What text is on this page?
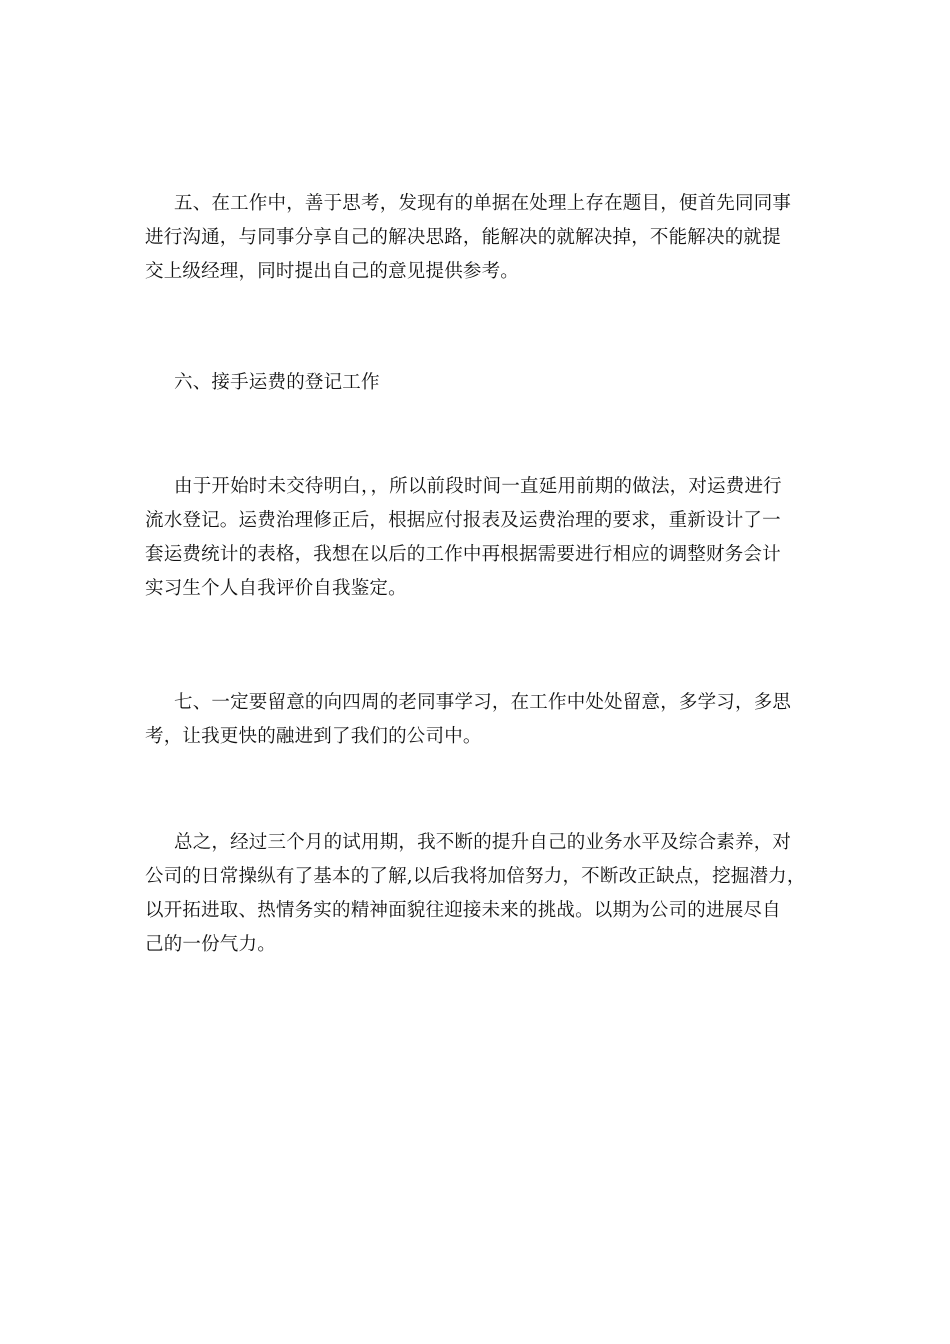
五、在工作中，善于思考，发现有的单据在处理上存在题目，便首先同同事
进行沟通，与同事分享自己的解决思路，能解决的就解决掉，不能解决的就提
交上级经理，同时提出自己的意见提供参考。
六、接手运费的登记工作
由于开始时未交待明白，，所以前段时间一直延用前期的做法，对运费进行
流水登记。运费治理修正后，根据应付报表及运费治理的要求，重新设计了一
套运费统计的表格，我想在以后的工作中再根据需要进行相应的调整财务会计
实习生个人自我评价自我鉴定。
七、一定要留意的向四周的老同事学习，在工作中处处留意，多学习，多思
考，让我更快的融进到了我们的公司中。
总之，经过三个月的试用期，我不断的提升自己的业务水平及综合素养，对
公司的日常操纵有了基本的了解,以后我将加倍努力，不断改正缺点，挖掘潜力，
以开拓进取、热情务实的精神面貌往迎接未来的挑战。以期为公司的进展尽自
己的一份气力。
